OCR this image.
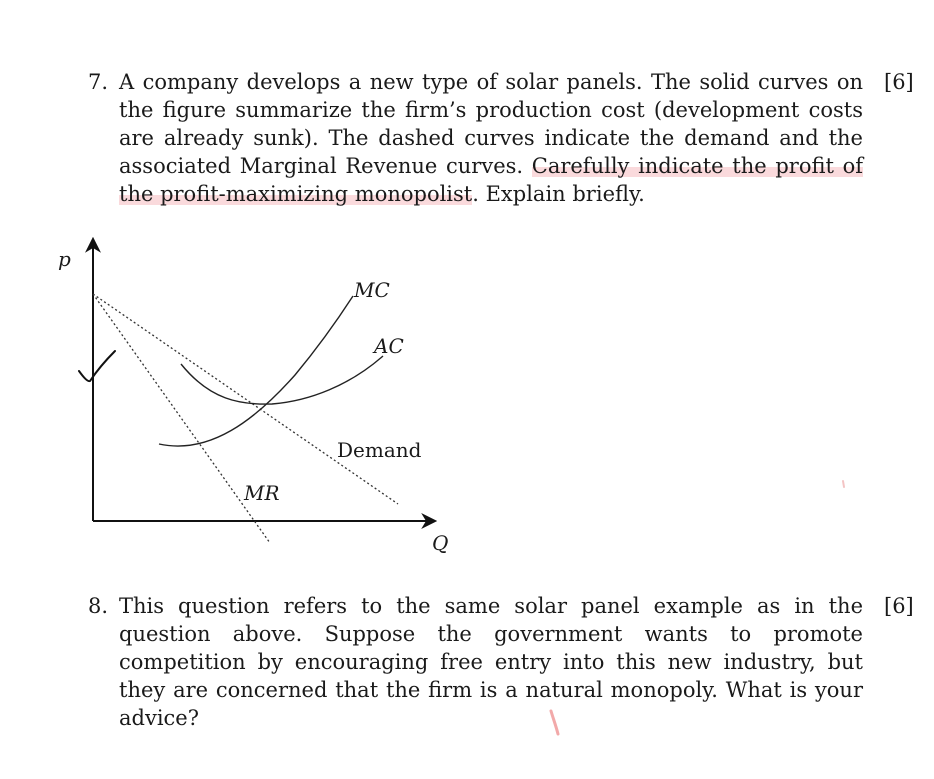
7. A company develops a new type of solar panels. The solid curves on the figure summarize the firm’s production cost (development costs are already sunk). The dashed curves indicate the demand and the associated Marginal Revenue curves. Carefully indicate the profit of the profit-maximizing monopolist. Explain briefly.
[6]
p
Q
MC
AC
Demand
MR
8. This question refers to the same solar panel example as in the question above. Suppose the government wants to promote competition by encouraging free entry into this new industry, but they are concerned that the firm is a natural monopoly. What is your advice?
[6]
